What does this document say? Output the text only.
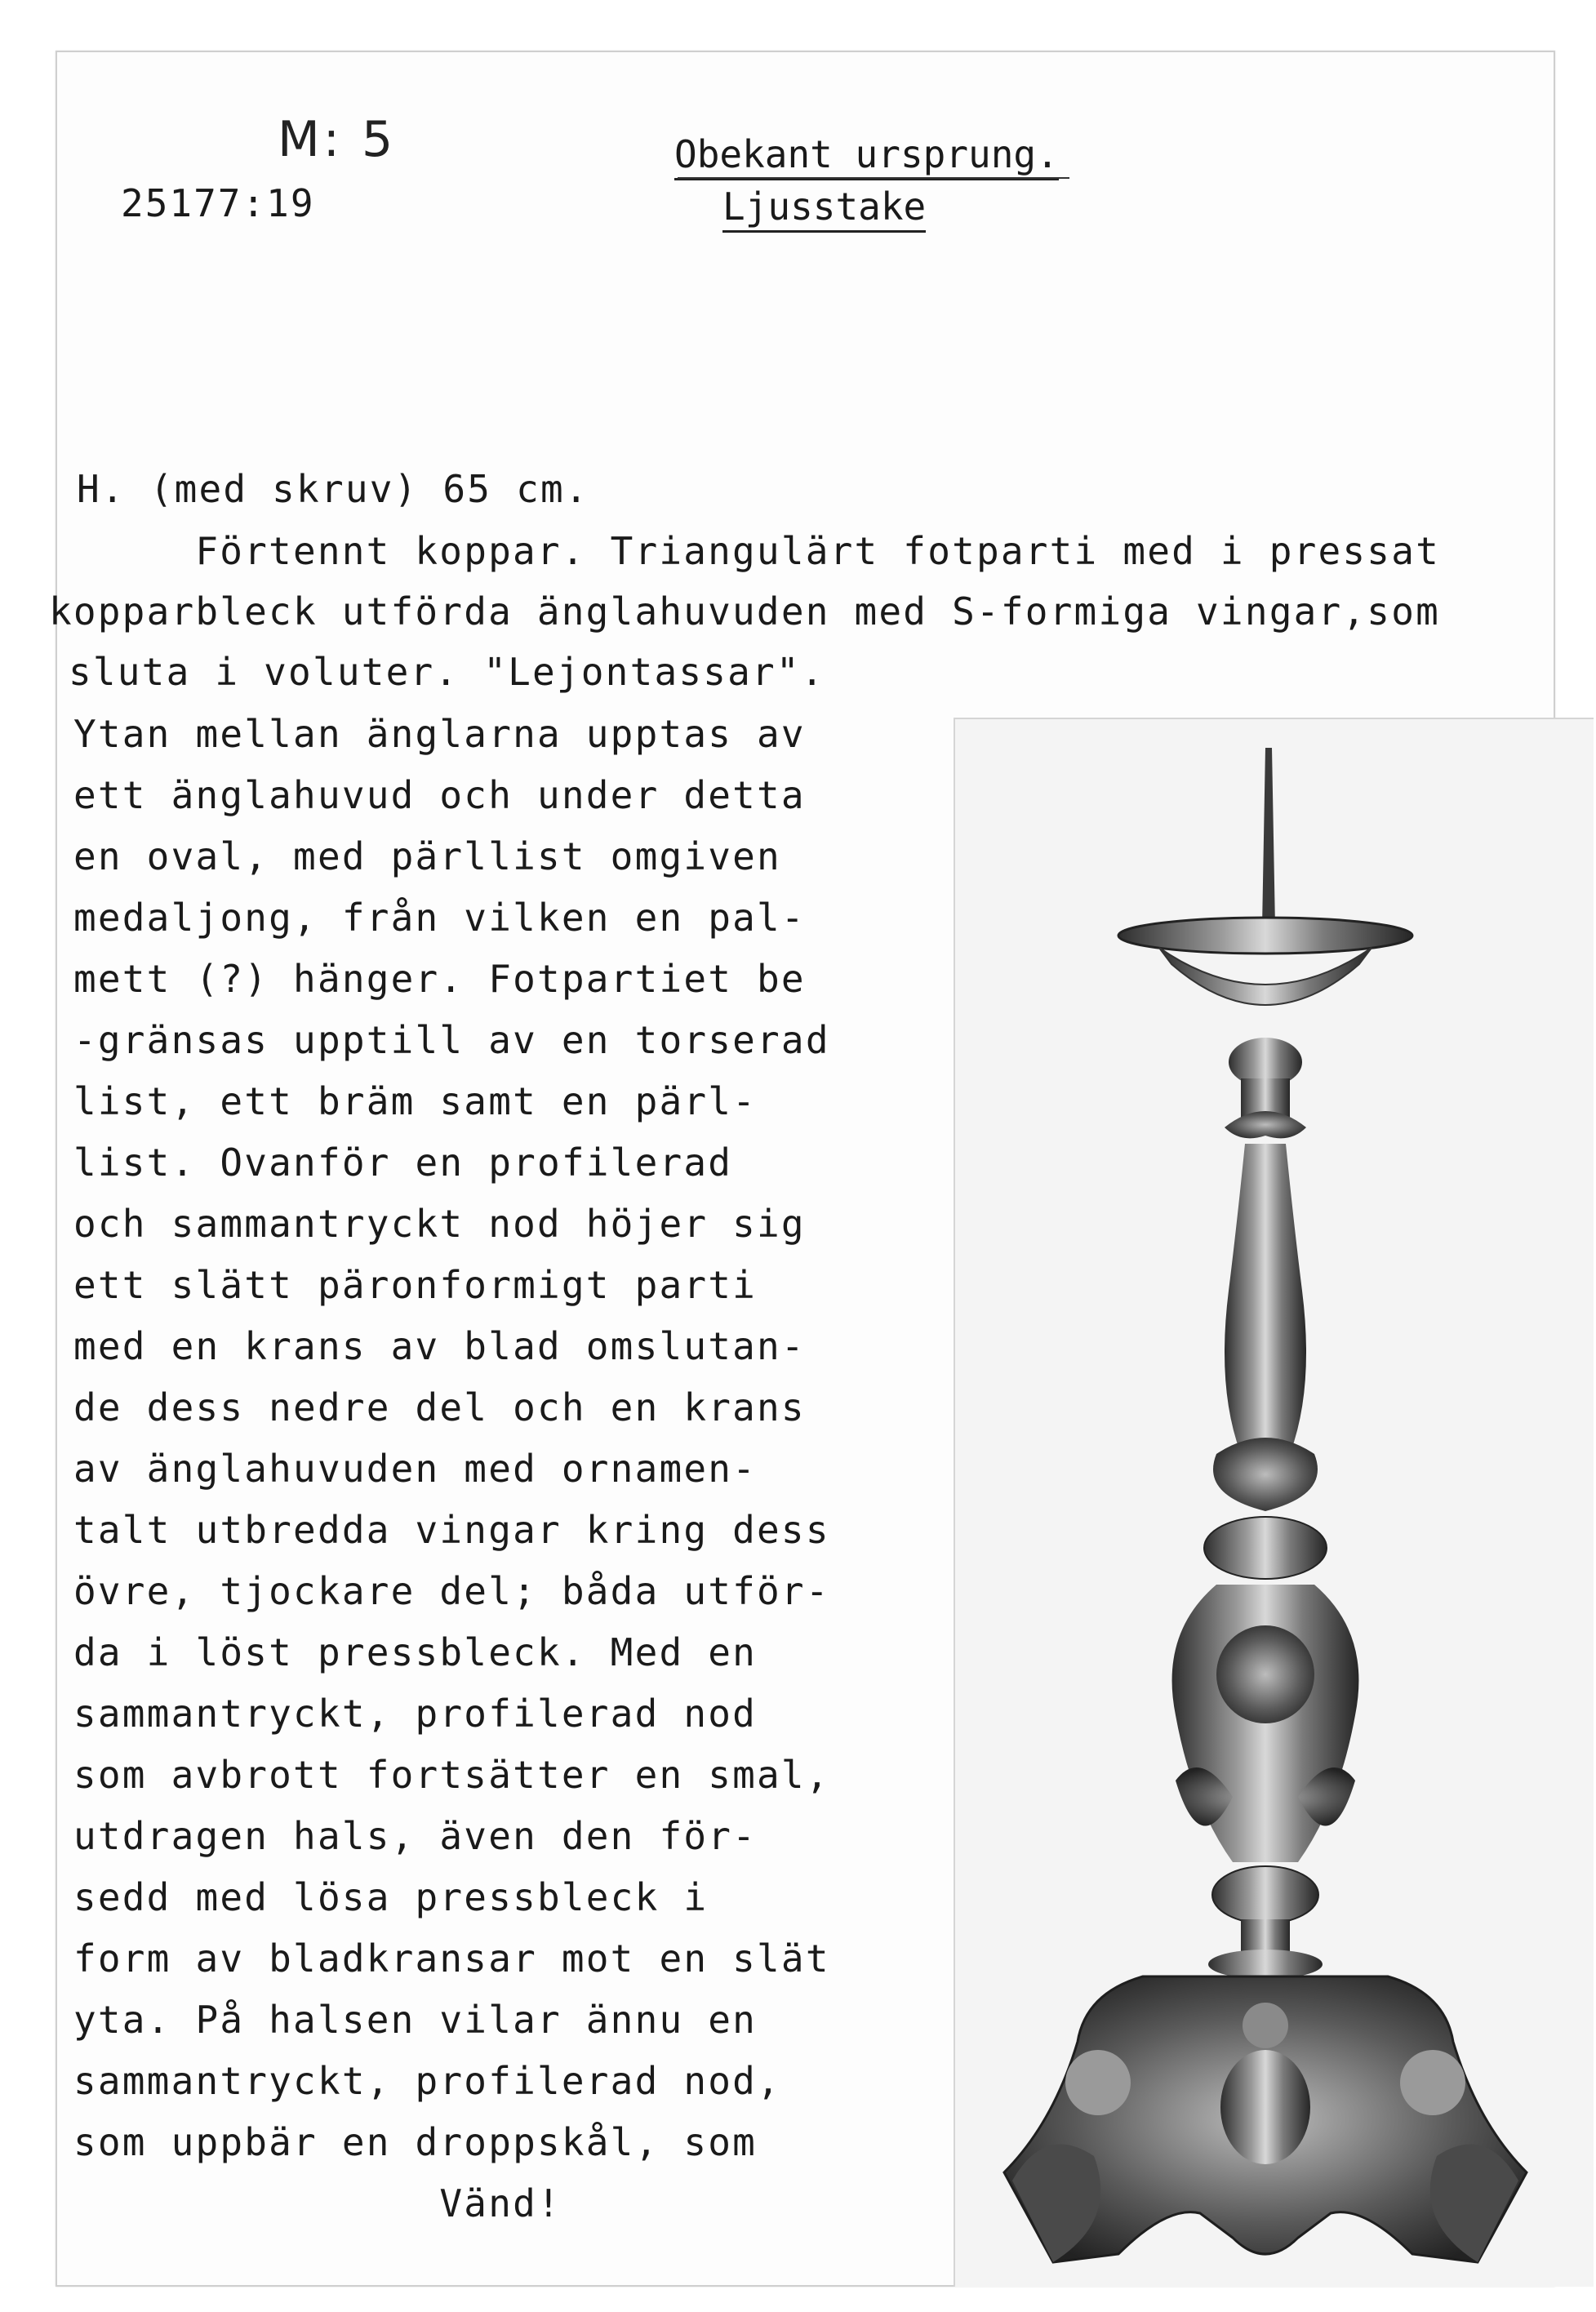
M: 5
25177:19
Obekant ursprung.
Ljusstake
H. (med skruv) 65 cm.
Förtennt koppar. Triangulärt fotparti med i pressat
kopparbleck utförda änglahuvuden med S-formiga vingar,som
sluta i voluter. "Lejontassar".
Ytan mellan änglarna upptas av
ett änglahuvud och under detta
en oval, med pärllist omgiven
medaljong, från vilken en pal-
mett (?) hänger. Fotpartiet be
-gränsas upptill av en torserad
list, ett bräm samt en pärl-
list. Ovanför en profilerad
och sammantryckt nod höjer sig
ett slätt päronformigt parti
med en krans av blad omslutan-
de dess nedre del och en krans
av änglahuvuden med ornamen-
talt utbredda vingar kring dess
övre, tjockare del; båda utför-
da i löst pressbleck. Med en
sammantryckt, profilerad nod
som avbrott fortsätter en smal,
utdragen hals, även den för-
sedd med lösa pressbleck i
form av bladkransar mot en slät
yta. På halsen vilar ännu en
sammantryckt, profilerad nod,
som uppbär en droppskål, som
Vänd!
